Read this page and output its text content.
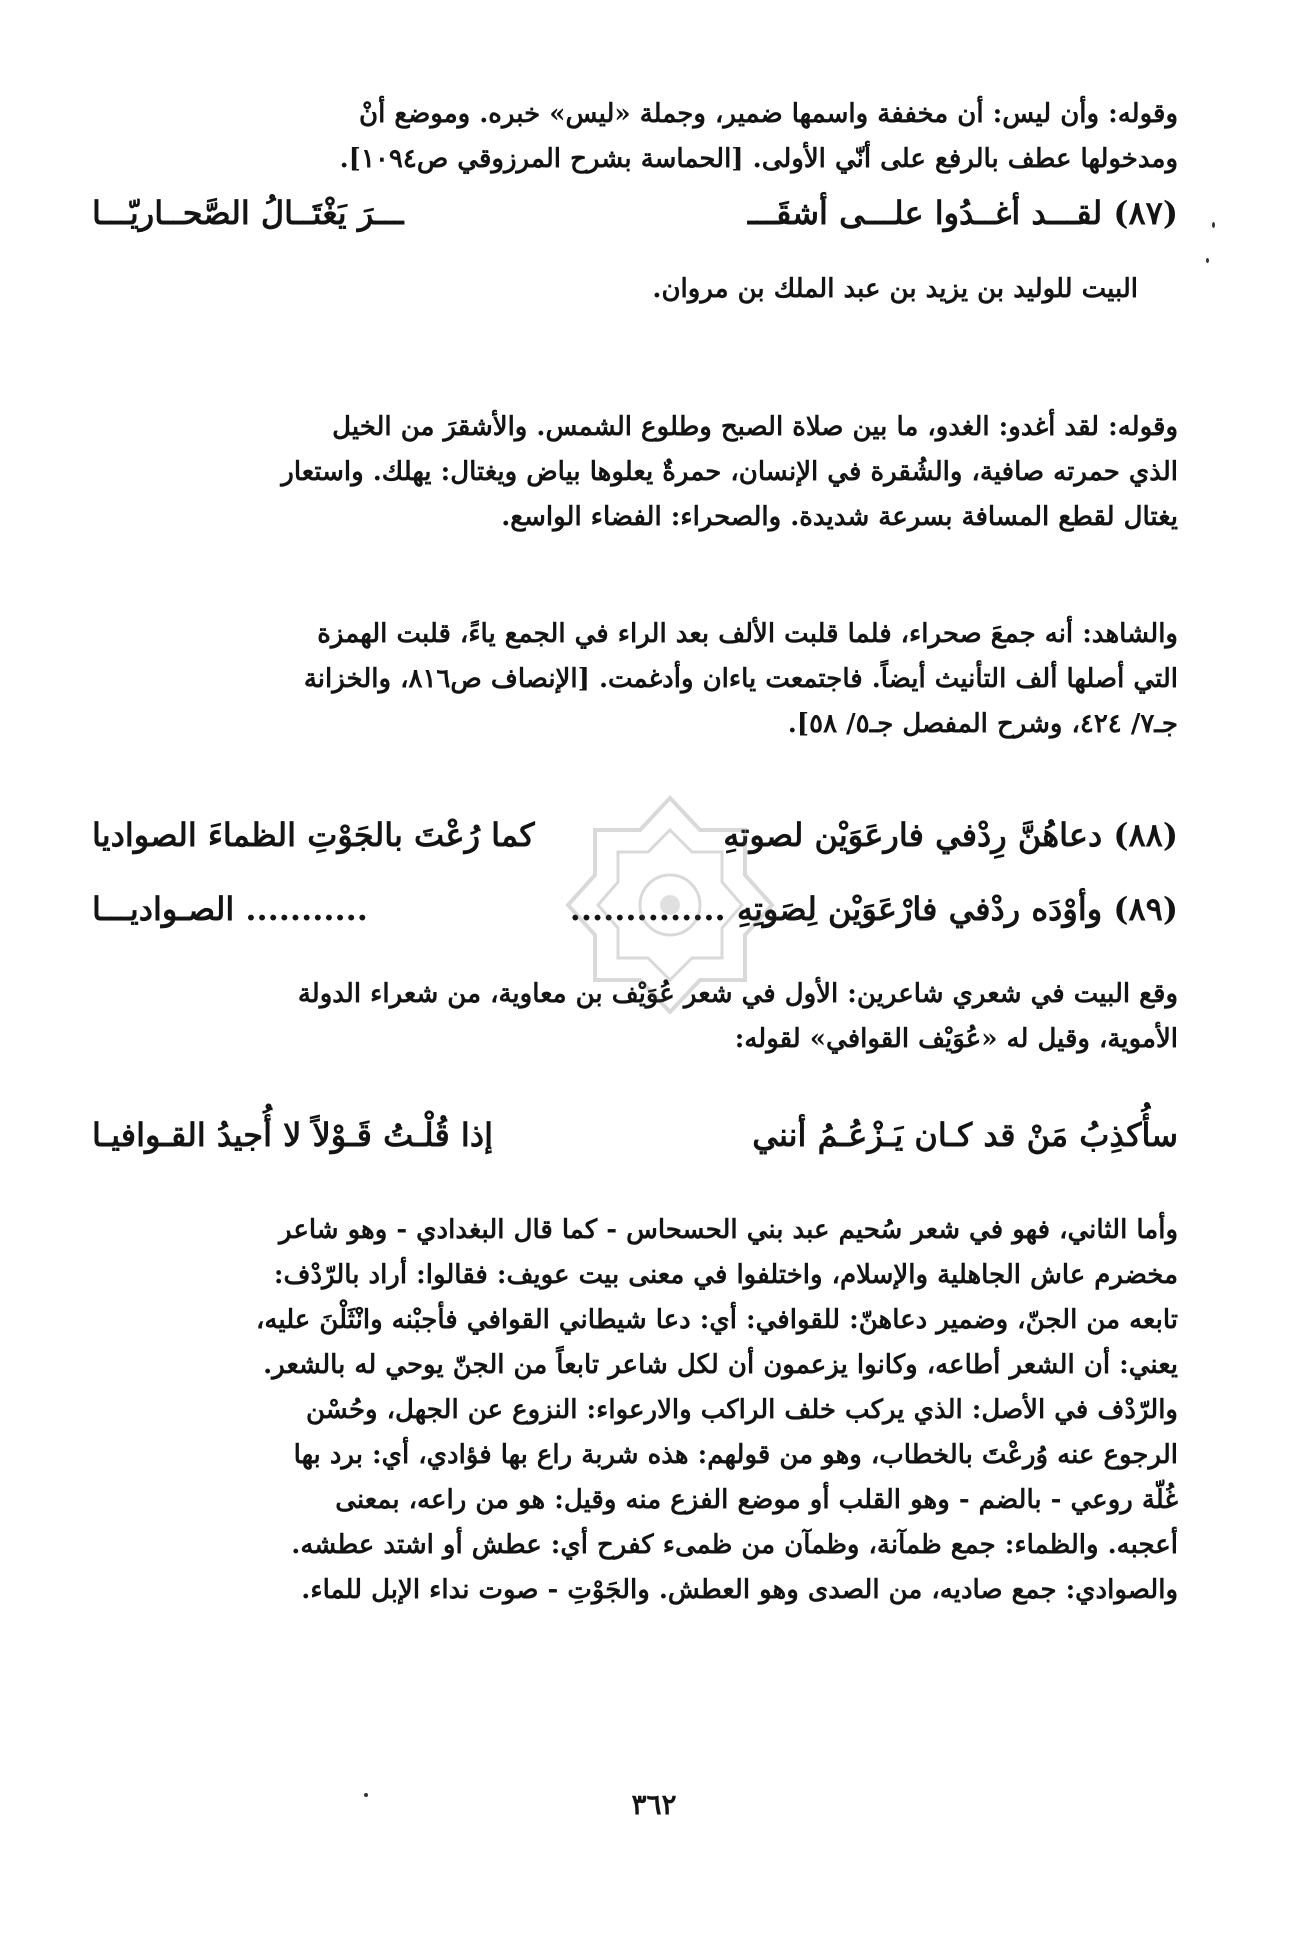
وقوله: وأن ليس: أن مخففة واسمها ضمير، وجملة «ليس» خبره. وموضع أنْ

ومدخولها عطف بالرفع على أنّي الأولى. [الحماسة بشرح المرزوقي ص١٠٩٤].

(٨٧) لقـــد أغــدُوا علـــى أشقَـــ
ـــرَ يَغْتَــالُ الصَّحــاريّـــا

البيت للوليد بن يزيد بن عبد الملك بن مروان.

وقوله: لقد أغدو: الغدو، ما بين صلاة الصبح وطلوع الشمس. والأشقرَ من الخيل

الذي حمرته صافية، والشُقرة في الإنسان، حمرةٌ يعلوها بياض ويغتال: يهلك. واستعار

يغتال لقطع المسافة بسرعة شديدة. والصحراء: الفضاء الواسع.

والشاهد: أنه جمعَ صحراء، فلما قلبت الألف بعد الراء في الجمع ياءً، قلبت الهمزة

التي أصلها ألف التأنيث أيضاً. فاجتمعت ياءان وأدغمت. [الإنصاف ص٨١٦، والخزانة

جـ٧/ ٤٢٤، وشرح المفصل جـ٥/ ٥٨].

(٨٨) دعاهُنَّ رِدْفي فارعَوَيْن لصوتهِ
كما رُعْتَ بالجَوْتِ الظماءَ الصواديا
(٨٩) وأوْدَه ردْفي فارْعَوَيْن لِصَوتِهِ ..............
........... الصـواديـــا

وقع البيت في شعري شاعرين: الأول في شعر عُوَيْف بن معاوية، من شعراء الدولة

الأموية، وقيل له «عُوَيْف القوافي» لقوله:

سأُكذِبُ مَنْ قد كـان يَـزْعُـمُ أنني
إذا قُلْـتُ قَـوْلاً لا أُجيدُ القـوافيـا

وأما الثاني، فهو في شعر سُحيم عبد بني الحسحاس - كما قال البغدادي - وهو شاعر

مخضرم عاش الجاهلية والإسلام، واختلفوا في معنى بيت عويف: فقالوا: أراد بالرّدْف:

تابعه من الجنّ، وضمير دعاهنّ: للقوافي: أي: دعا شيطاني القوافي فأجبْنه وانْثَلْنَ عليه،

يعني: أن الشعر أطاعه، وكانوا يزعمون أن لكل شاعر تابعاً من الجنّ يوحي له بالشعر.

والرّدْف في الأصل: الذي يركب خلف الراكب والارعواء: النزوع عن الجهل، وحُسْن

الرجوع عنه وُرعْتَ بالخطاب، وهو من قولهم: هذه شربة راع بها فؤادي، أي: برد بها

غُلّة روعي - بالضم - وهو القلب أو موضع الفزع منه وقيل: هو من راعه، بمعنى

أعجبه. والظماء: جمع ظمآنة، وظمآن من ظمىء كفرح أي: عطش أو اشتد عطشه.

والصوادي: جمع صاديه، من الصدى وهو العطش. والجَوْتِ - صوت نداء الإبل للماء.

٣٦٢
